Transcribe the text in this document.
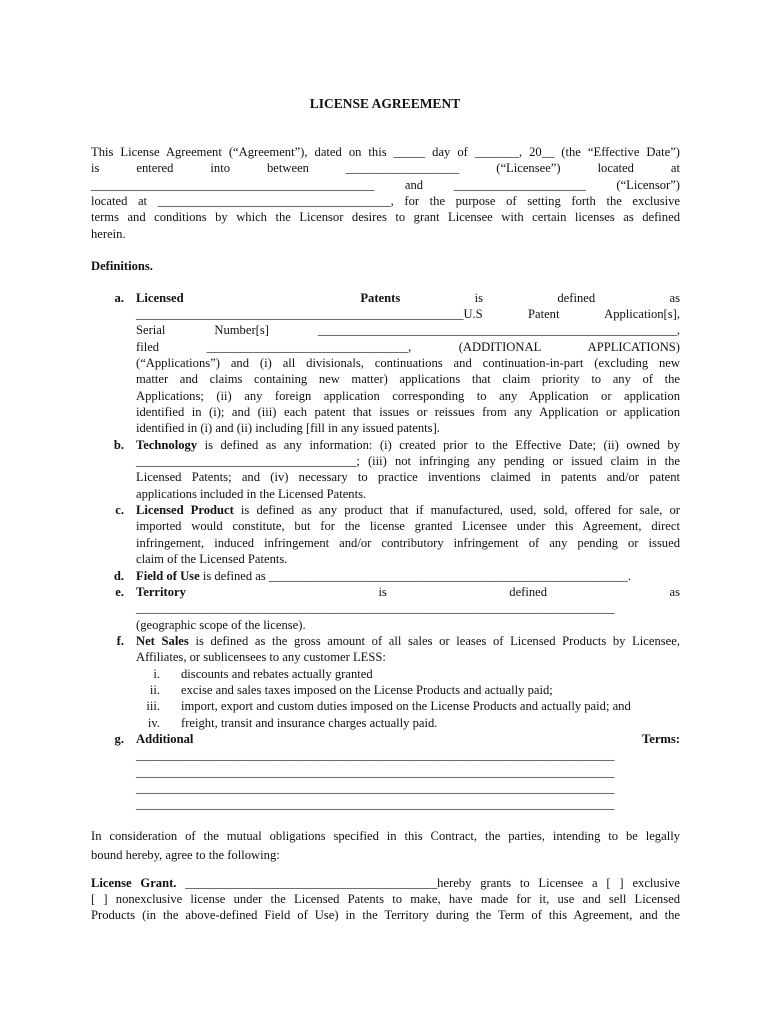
LICENSE AGREEMENT
This License Agreement (“Agreement”), dated on this _____ day of _______, 20__ (the “Effective Date”)
is entered into between __________________ (“Licensee”) located at
_____________________________________________ and _____________________ (“Licensor”)
located at _____________________________________, for the purpose of setting forth the exclusive
terms and conditions by which the Licensor desires to grant Licensee with certain licenses as defined
herein.
Definitions.
a. Licensed	Patents	is	defined	as
____________________________________________________U.S Patent Application[s],
Serial Number[s] _________________________________________________________,
filed ________________________________, (ADDITIONAL APPLICATIONS)
(“Applications”) and (i) all divisionals, continuations and continuation-in-part (excluding new
matter and claims containing new matter) applications that claim priority to any of the
Applications; (ii) any foreign application corresponding to any Application or application
identified in (i); and (iii) each patent that issues or reissues from any Application or application
identified in (i) and (ii) including [fill in any issued patents].
b. Technology is defined as any information: (i) created prior to the Effective Date; (ii) owned by
___________________________________; (iii) not infringing any pending or issued claim in the
Licensed Patents; and (iv) necessary to practice inventions claimed in patents and/or patent
applications included in the Licensed Patents.
c. Licensed Product is defined as any product that if manufactured, used, sold, offered for sale, or
imported would constitute, but for the license granted Licensee under this Agreement, direct
infringement, induced infringement and/or contributory infringement of any pending or issued
claim of the Licensed Patents.
d. Field of Use is defined as _________________________________________________________.
e. Territory	is	defined	as
____________________________________________________________________________
(geographic scope of the license).
f. Net Sales is defined as the gross amount of all sales or leases of Licensed Products by Licensee,
Affiliates, or sublicensees to any customer LESS:
i. discounts and rebates actually granted
ii. excise and sales taxes imposed on the License Products and actually paid;
iii. import, export and custom duties imposed on the License Products and actually paid; and
iv. freight, transit and insurance charges actually paid.
g. Additional	Terms:
____________________________________________________________________________
____________________________________________________________________________
____________________________________________________________________________
____________________________________________________________________________
In consideration of the mutual obligations specified in this Contract, the parties, intending to be legally
bound hereby, agree to the following:
License Grant. ________________________________________hereby grants to Licensee a [ ] exclusive
[ ] nonexclusive license under the Licensed Patents to make, have made for it, use and sell Licensed
Products (in the above-defined Field of Use) in the Territory during the Term of this Agreement, and the
